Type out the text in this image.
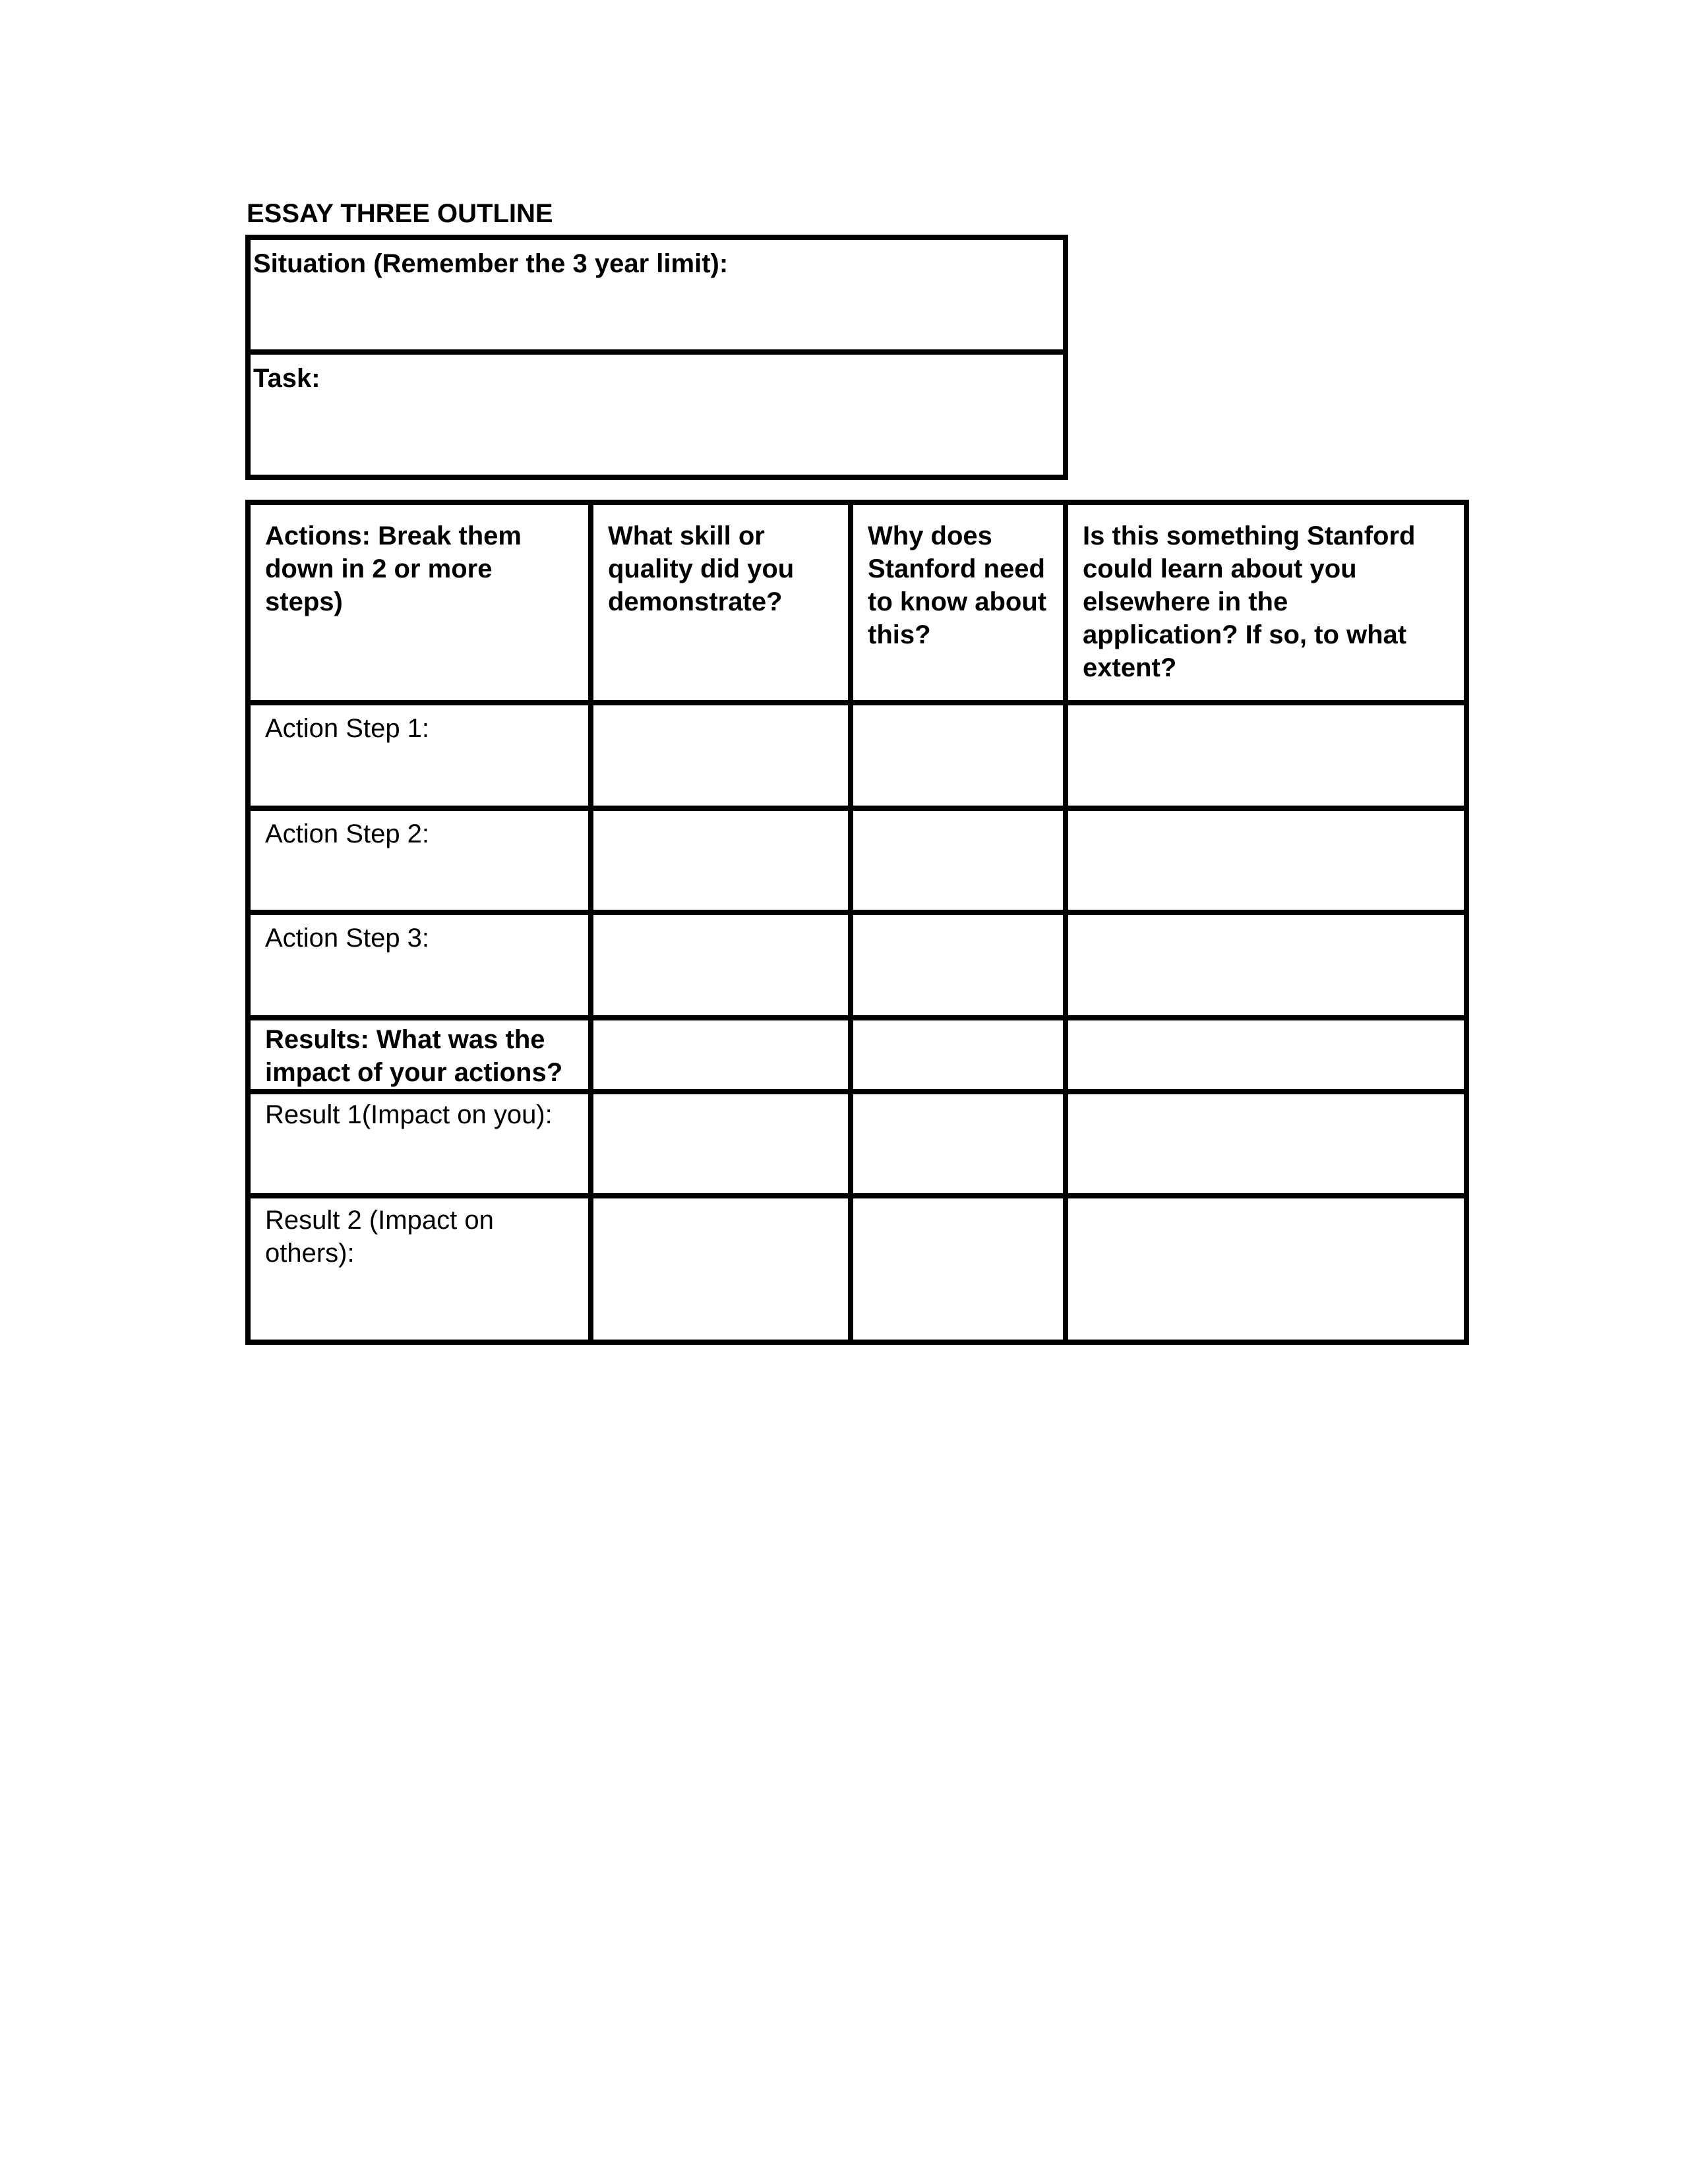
ESSAY THREE OUTLINE
Situation (Remember the 3 year limit):
Task:
Actions: Break them down in 2 or more steps)	What skill or quality did you demonstrate?	Why does Stanford need to know about this?	Is this something Stanford could learn about you elsewhere in the application? If so, to what extent?
Action Step 1:			
Action Step 2:			
Action Step 3:			
Results: What was the impact of your actions?			
Result 1(Impact on you):			
Result 2 (Impact on others):			
